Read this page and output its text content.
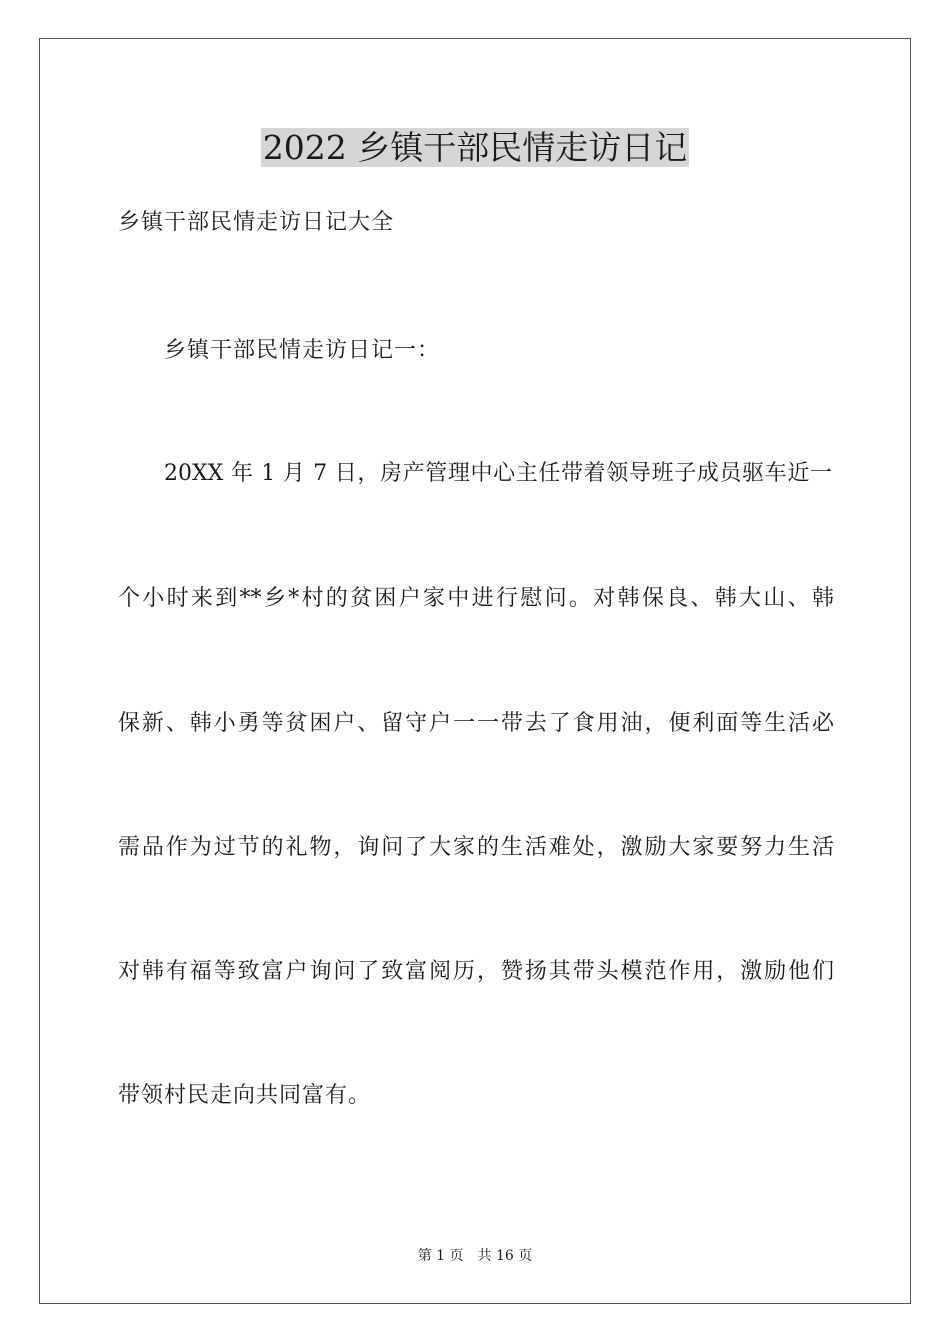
2022 乡镇干部民情走访日记
乡镇干部民情走访日记大全
乡镇干部民情走访日记一：
20XX 年 1 月 7 日，房产管理中心主任带着领导班子成员驱车近一
个小时来到**乡*村的贫困户家中进行慰问。对韩保良、韩大山、韩
保新、韩小勇等贫困户、留守户一一带去了食用油，便利面等生活必
需品作为过节的礼物，询问了大家的生活难处，激励大家要努力生活
对韩有福等致富户询问了致富阅历，赞扬其带头模范作用，激励他们
带领村民走向共同富有。
第 1 页　共 16 页
